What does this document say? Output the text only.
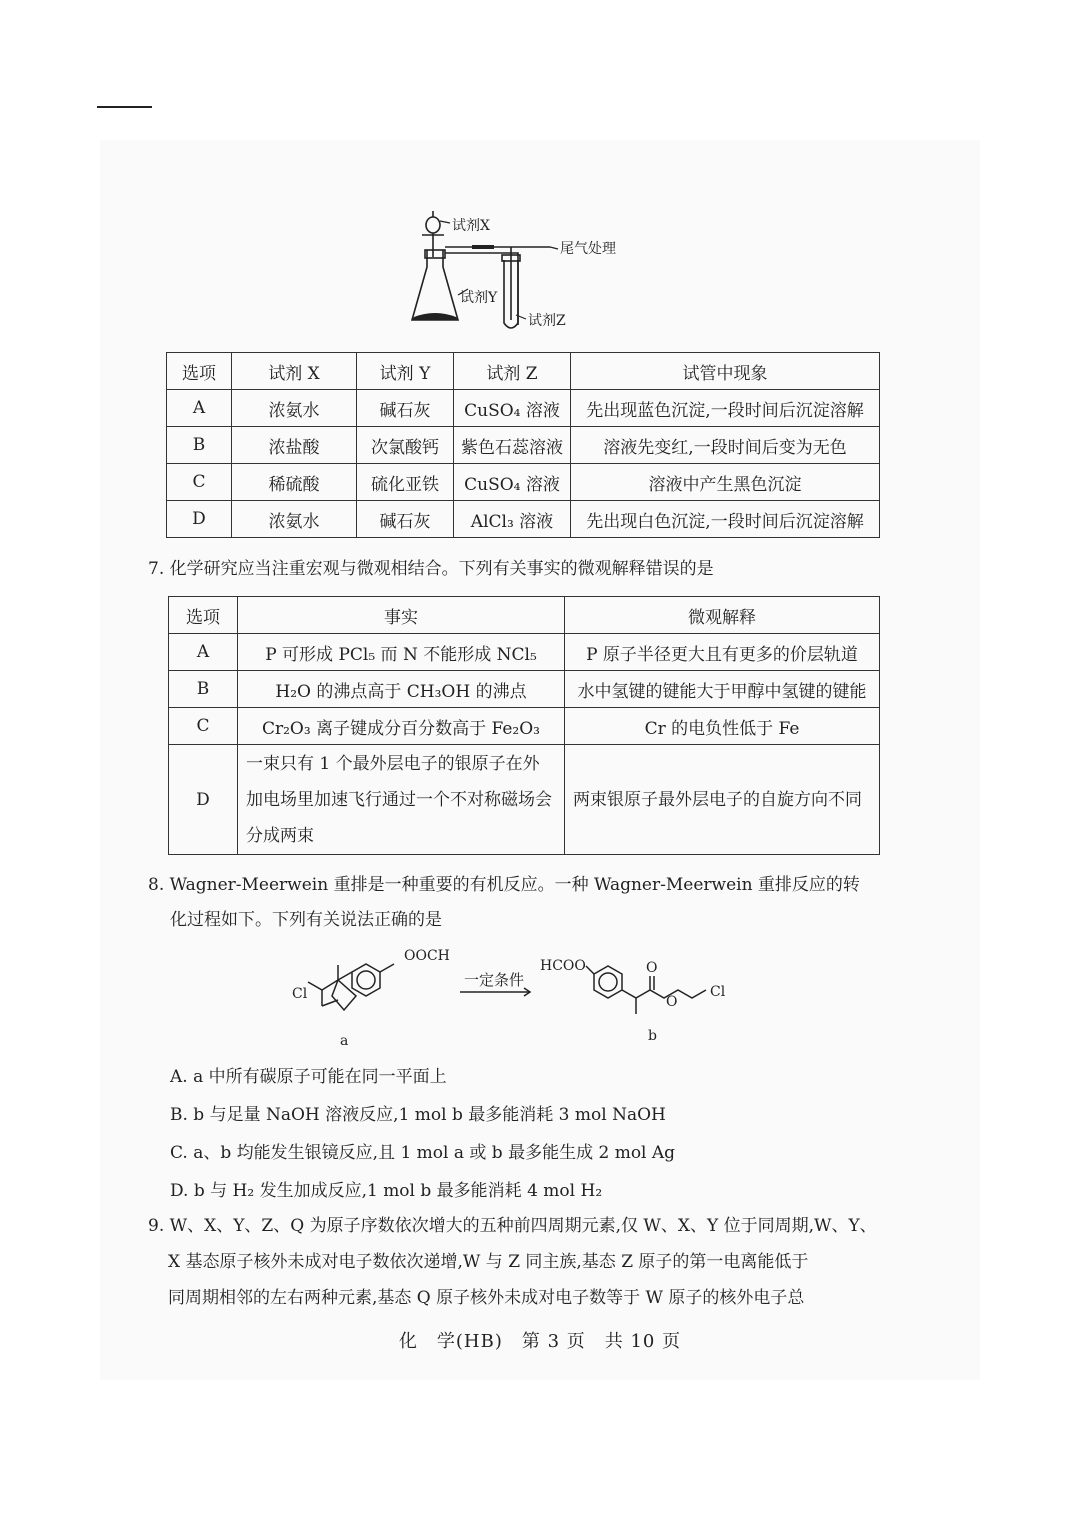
试剂X
试剂Y
试剂Z
尾气处理
选项	试剂 X	试剂 Y	试剂 Z	试管中现象
A	浓氨水	碱石灰	CuSO₄ 溶液	先出现蓝色沉淀,一段时间后沉淀溶解
B	浓盐酸	次氯酸钙	紫色石蕊溶液	溶液先变红,一段时间后变为无色
C	稀硫酸	硫化亚铁	CuSO₄ 溶液	溶液中产生黑色沉淀
D	浓氨水	碱石灰	AlCl₃ 溶液	先出现白色沉淀,一段时间后沉淀溶解
7. 化学研究应当注重宏观与微观相结合。下列有关事实的微观解释错误的是
选项	事实	微观解释
A	P 可形成 PCl₅ 而 N 不能形成 NCl₅	P 原子半径更大且有更多的价层轨道
B	H₂O 的沸点高于 CH₃OH 的沸点	水中氢键的键能大于甲醇中氢键的键能
C	Cr₂O₃ 离子键成分百分数高于 Fe₂O₃	Cr 的电负性低于 Fe
D	一束只有 1 个最外层电子的银原子在外加电场里加速飞行通过一个不对称磁场会分成两束	两束银原子最外层电子的自旋方向不同
8. Wagner-Meerwein 重排是一种重要的有机反应。一种 Wagner-Meerwein 重排反应的转
化过程如下。下列有关说法正确的是
OOCH
Cl
a
一定条件
HCOO	O
O
Cl
b
A. a 中所有碳原子可能在同一平面上
B. b 与足量 NaOH 溶液反应,1 mol b 最多能消耗 3 mol NaOH
C. a、b 均能发生银镜反应,且 1 mol a 或 b 最多能生成 2 mol Ag
D. b 与 H₂ 发生加成反应,1 mol b 最多能消耗 4 mol H₂
9. W、X、Y、Z、Q 为原子序数依次增大的五种前四周期元素,仅 W、X、Y 位于同周期,W、Y、
X 基态原子核外未成对电子数依次递增,W 与 Z 同主族,基态 Z 原子的第一电离能低于
同周期相邻的左右两种元素,基态 Q 原子核外未成对电子数等于 W 原子的核外电子总
化　学(HB)　第 3 页　共 10 页
